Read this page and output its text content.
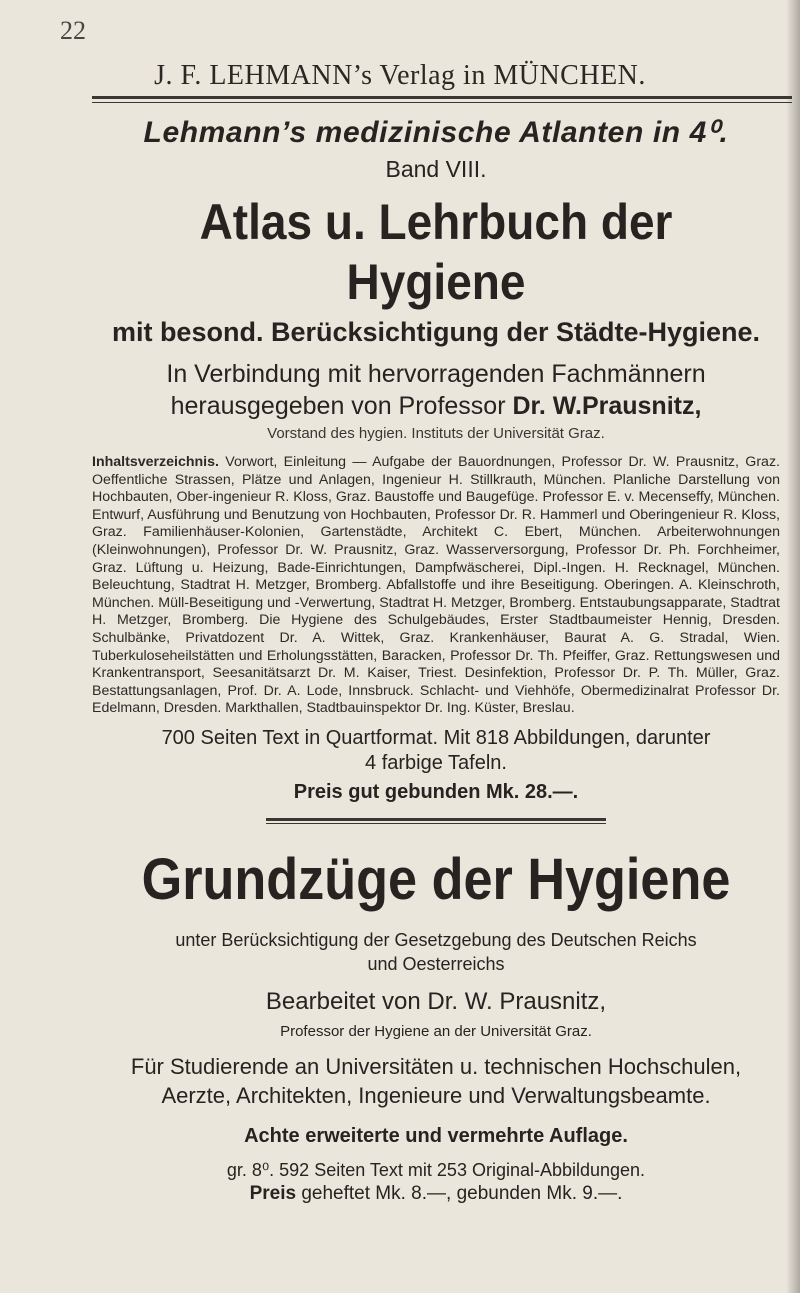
22
J. F. LEHMANN’s Verlag in MÜNCHEN.
Lehmann’s medizinische Atlanten in 4⁰.
Band VIII.
Atlas u. Lehrbuch der Hygiene
mit besond. Berücksichtigung der Städte-Hygiene.
In Verbindung mit hervorragenden Fachmännern
herausgegeben von Professor Dr. W.Prausnitz,
Vorstand des hygien. Instituts der Universität Graz.
Inhaltsverzeichnis. Vorwort, Einleitung — Aufgabe der Bauordnungen, Professor Dr. W. Prausnitz, Graz. Oeffentliche Strassen, Plätze und Anlagen, Ingenieur H. Stillkrauth, München. Planliche Darstellung von Hochbauten, Ober-ingenieur R. Kloss, Graz. Baustoffe und Baugefüge. Professor E. v. Mecenseffy, München. Entwurf, Ausführung und Benutzung von Hochbauten, Professor Dr. R. Hammerl und Oberingenieur R. Kloss, Graz. Familienhäuser-Kolonien, Gartenstädte, Architekt C. Ebert, München. Arbeiterwohnungen (Kleinwohnungen), Professor Dr. W. Prausnitz, Graz. Wasserversorgung, Professor Dr. Ph. Forchheimer, Graz. Lüftung u. Heizung, Bade-Einrichtungen, Dampfwäscherei, Dipl.-Ingen. H. Recknagel, München. Beleuchtung, Stadtrat H. Metzger, Bromberg. Abfallstoffe und ihre Beseitigung. Oberingen. A. Kleinschroth, München. Müll-Beseitigung und -Verwertung, Stadtrat H. Metzger, Bromberg. Entstaubungsapparate, Stadtrat H. Metzger, Bromberg. Die Hygiene des Schulgebäudes, Erster Stadtbaumeister Hennig, Dresden. Schulbänke, Privatdozent Dr. A. Wittek, Graz. Krankenhäuser, Baurat A. G. Stradal, Wien. Tuberkuloseheilstätten und Erholungsstätten, Baracken, Professor Dr. Th. Pfeiffer, Graz. Rettungswesen und Krankentransport, Seesanitätsarzt Dr. M. Kaiser, Triest. Desinfektion, Professor Dr. P. Th. Müller, Graz. Bestattungsanlagen, Prof. Dr. A. Lode, Innsbruck. Schlacht- und Viehhöfe, Obermedizinalrat Professor Dr. Edelmann, Dresden. Markthallen, Stadtbauinspektor Dr. Ing. Küster, Breslau.
700 Seiten Text in Quartformat. Mit 818 Abbildungen, darunter
4 farbige Tafeln.
Preis gut gebunden Mk. 28.—.
Grundzüge der Hygiene
unter Berücksichtigung der Gesetzgebung des Deutschen Reichs
und Oesterreichs
Bearbeitet von Dr. W. Prausnitz,
Professor der Hygiene an der Universität Graz.
Für Studierende an Universitäten u. technischen Hochschulen,
Aerzte, Architekten, Ingenieure und Verwaltungsbeamte.
Achte erweiterte und vermehrte Auflage.
gr. 8⁰. 592 Seiten Text mit 253 Original-Abbildungen.
Preis geheftet Mk. 8.—, gebunden Mk. 9.—.
